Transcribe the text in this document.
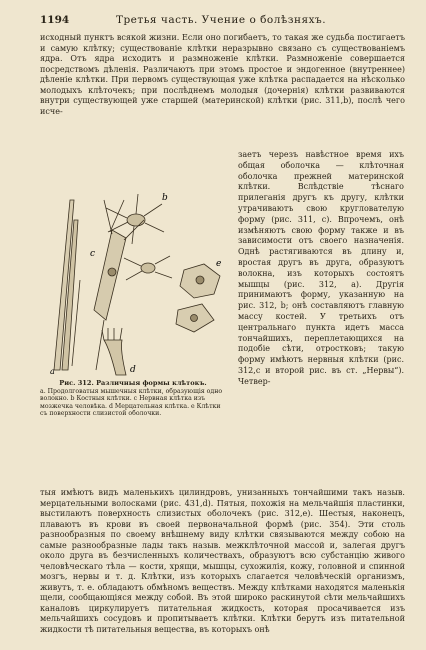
1194	Третья часть. Учение о болѣзняхъ.

исходный пунктъ всякой жизни. Если оно погибаетъ, то такая же судьба постигаетъ и самую клѣтку; существованіе клѣтки неразрывно связано съ существованіемъ ядра. Отъ ядра исходитъ и размноженіе клѣтки. Размноженіе совершается посредствомъ дѣленія. Различаютъ при этомъ простое и эндогенное (внутреннее) дѣленіе клѣтки. При первомъ существующая уже клѣтка распадается на нѣсколько молодыхъ клѣточекъ; при послѣднемъ молодыя (дочернія) клѣтки развиваются внутри существующей уже старшей (материнской) клѣтки (рис. 311,b), послѣ чего исче-

a
b
c
d
e

заетъ черезъ навѣстное время ихъ общая оболочка — клѣточная оболочка прежней материнской клѣтки. Вслѣдствіе тѣснаго прилеганія другъ къ другу, клѣтки утрачиваютъ свою круглователую форму (рис. 311, c). Впрочемъ, онѣ измѣняютъ свою форму также и въ зависимости отъ своего назначенія. Однѣ растягиваются въ длину и, вростая другъ въ друга, образуютъ волокна, изъ которыхъ состоятъ мышцы (рис. 312, a). Другія принимаютъ форму, указанную на рис. 312, b; онѣ составляютъ главную массу костей. У третьихъ отъ центральнаго пункта идетъ масса тончайшихъ, переплетающихся на подобіе сѣти, отростковъ; такую форму имѣютъ нервныя клѣтки (рис. 312,c и второй рис. въ ст. „Нервы“). Четвер-

Рис. 312. Различныя формы клѣтокъ.
a. Продолговатыя мышечныя клѣтки, образующія одно волокно. b Костныя клѣтки. c Нервная клѣтка изъ мозжечка человѣка. d Мерцательная клѣтка. e Клѣтки съ поверхности слизистой оболочки.

тыя имѣютъ видъ маленькихъ цилиндровъ, унизанныхъ тончайшими такъ назыв. мерцательными волосками (рис. 431,d). Пятыя, похожія на мельчайшія пластинки, выстилаютъ поверхность слизистых оболочекъ (рис. 312,e). Шестыя, наконецъ, плаваютъ въ крови въ своей первоначальной формѣ (рис. 354). Эти столь разнообразныя по своему внѣшнему виду клѣтки связываются между собою на самые разнообразные лады такъ назыв. межклѣточной массой и, залегая другъ около друга въ безчисленныхъ количествахъ, образуютъ всю субстанцію живого человѣческаго тѣла — кости, хрящи, мышцы, сухожилія, кожу, головной и спинной мозгъ, нервы и т. д. Клѣтки, изъ которыхъ слагается человѣческій организмъ, живутъ, т. е. обладаютъ обмѣномъ веществъ. Между клѣтками находятся маленькія щели, сообщающіяся между собой. Въ этой широко раскинутой сѣти мельчайшихъ каналовъ циркулируетъ питательная жидкость, которая просачивается изъ мельчайшихъ сосудовъ и пропитываетъ клѣтки. Клѣтки берутъ изъ питательной жидкости тѣ питательныя вещества, въ которыхъ онѣ
